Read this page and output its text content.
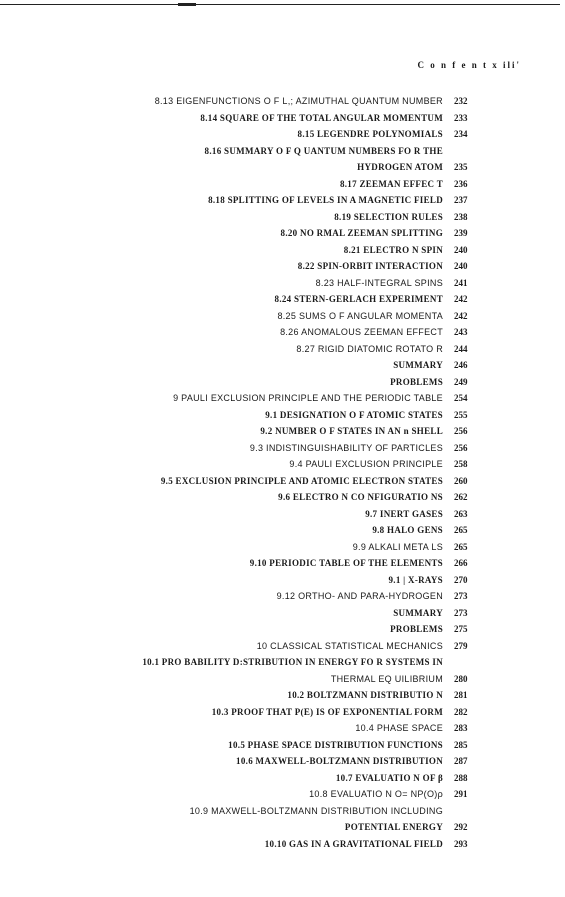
C o n f e n t x ili'
8.13 EIGENFUNCTIONS O F L,; AZIMUTHAL QUANTUM NUMBER 232
8.14 SQUARE OF THE TOTAL ANGULAR MOMENTUM 233
8.15 LEGENDRE POLYNOMIALS 234
8.16 SUMMARY O F Q UANTUM NUMBERS FO R THE
HYDROGEN ATOM 235
8.17 ZEEMAN EFFEC T 236
8.18 SPLITTING OF LEVELS IN A MAGNETIC FIELD 237
8.19 SELECTION RULES 238
8.20 NO RMAL ZEEMAN SPLITTING 239
8.21 ELECTRO N SPIN 240
8.22 SPIN-ORBIT INTERACTION 240
8.23 HALF-INTEGRAL SPINS 241
8.24 STERN-GERLACH EXPERIMENT 242
8.25 SUMS O F ANGULAR MOMENTA 242
8.26 ANOMALOUS ZEEMAN EFFECT 243
8.27 RIGID DIATOMIC ROTATO R 244
SUMMARY 246
PROBLEMS 249
9 PAULI EXCLUSION PRINCIPLE AND THE PERIODIC TABLE 254
9.1 DESIGNATION O F ATOMIC STATES 255
9.2 NUMBER O F STATES IN AN n SHELL 256
9.3 INDISTINGUISHABILITY OF PARTICLES 256
9.4 PAULI EXCLUSION PRINCIPLE 258
9.5 EXCLUSION PRINCIPLE AND ATOMIC ELECTRON STATES 260
9.6 ELECTRO N CO NFIGURATIO NS 262
9.7 INERT GASES 263
9.8 HALO GENS 265
9.9 ALKALI META LS 265
9.10 PERIODIC TABLE OF THE ELEMENTS 266
9.1 | X-RAYS 270
9.12 ORTHO- AND PARA-HYDROGEN 273
SUMMARY 273
PROBLEMS 275
10 CLASSICAL STATISTICAL MECHANICS 279
10.1 PRO BABILITY D:STRIBUTION IN ENERGY FO R SYSTEMS IN
THERMAL EQ UILIBRIUM 280
10.2 BOLTZMANN DISTRIBUTIO N 281
10.3 PROOF THAT P(E) IS OF EXPONENTIAL FORM 282
10.4 PHASE SPACE 283
10.5 PHASE SPACE DISTRIBUTION FUNCTIONS 285
10.6 MAXWELL-BOLTZMANN DISTRIBUTION 287
10.7 EVALUATIO N OF β 288
10.8 EVALUATIO N O= NP(O)ρ 291
10.9 MAXWELL-BOLTZMANN DISTRIBUTION INCLUDING
POTENTIAL ENERGY 292
10.10 GAS IN A GRAVITATIONAL FIELD 293
